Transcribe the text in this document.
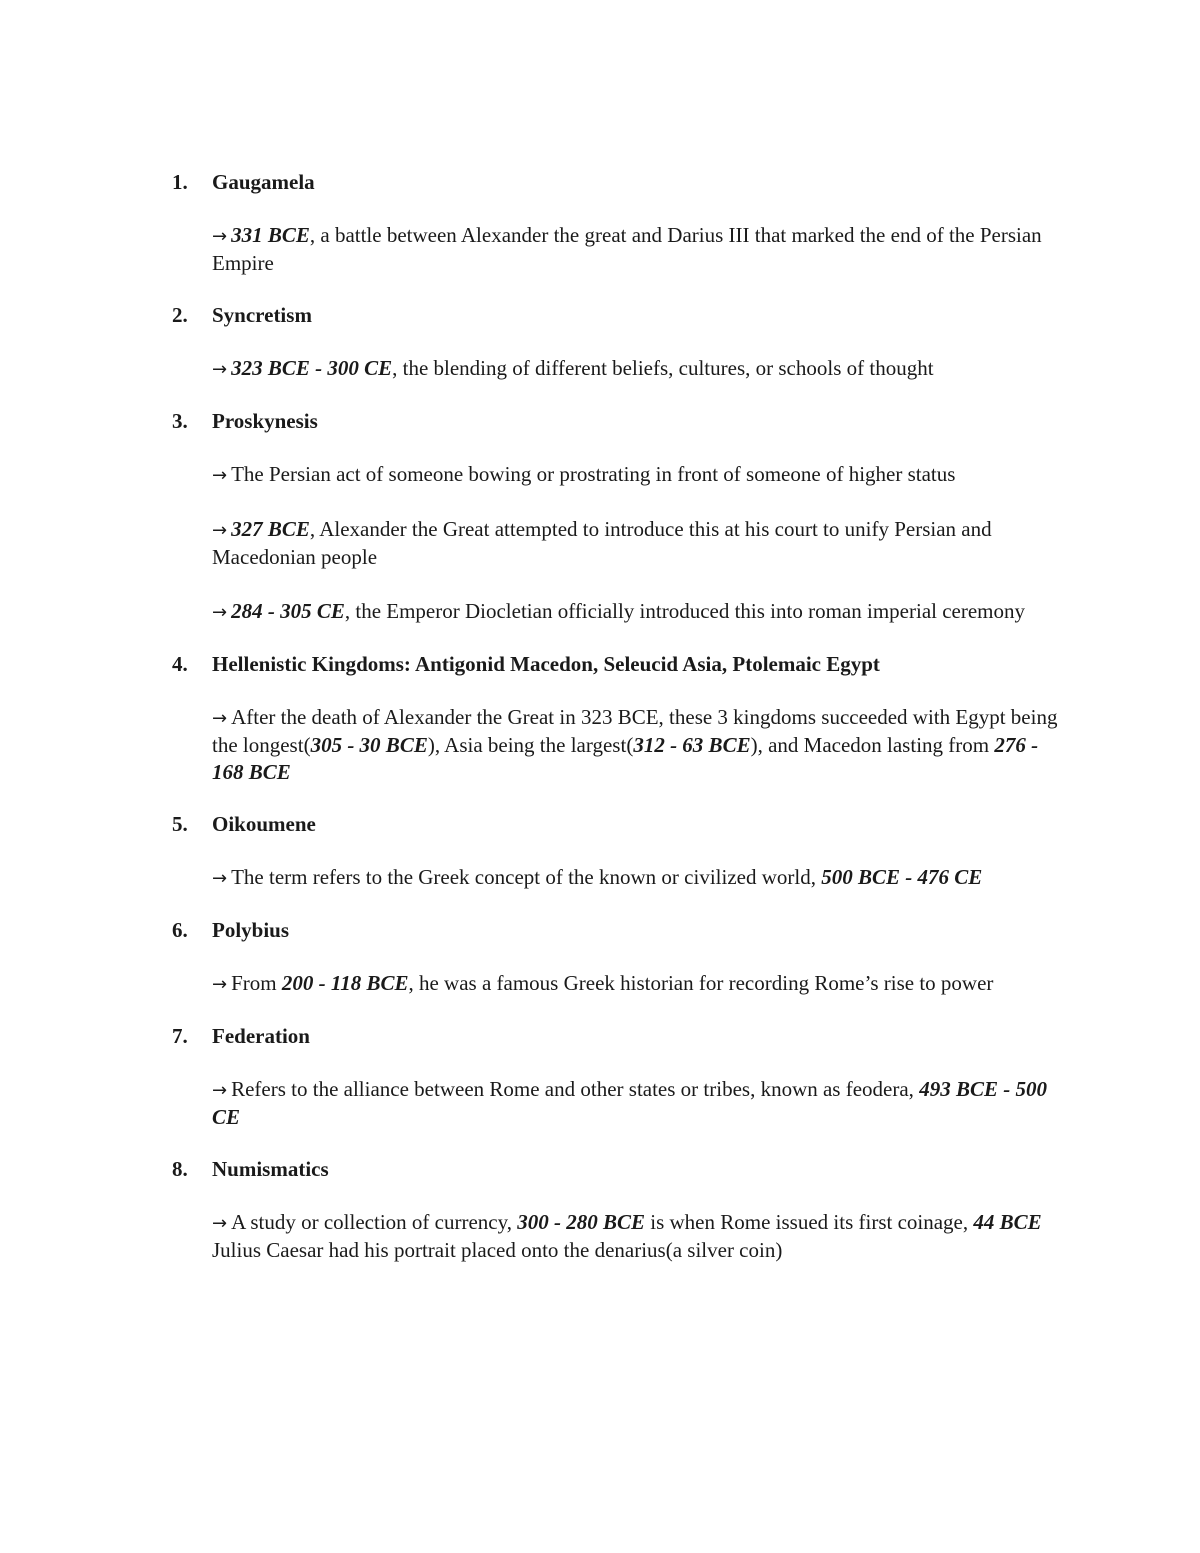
1.	Gaugamela

→ 331 BCE, a battle between Alexander the great and Darius III that marked the end of the Persian Empire

2.	Syncretism

→ 323 BCE - 300 CE, the blending of different beliefs, cultures, or schools of thought

3.	Proskynesis

→ The Persian act of someone bowing or prostrating in front of someone of higher status

→ 327 BCE, Alexander the Great attempted to introduce this at his court to unify Persian and Macedonian people

→ 284 - 305 CE, the Emperor Diocletian officially introduced this into roman imperial ceremony

4.	Hellenistic Kingdoms: Antigonid Macedon, Seleucid Asia, Ptolemaic Egypt

→ After the death of Alexander the Great in 323 BCE, these 3 kingdoms succeeded with Egypt being the longest(305 - 30 BCE), Asia being the largest(312 - 63 BCE), and Macedon lasting from 276 - 168 BCE

5.	Oikoumene

→ The term refers to the Greek concept of the known or civilized world, 500 BCE - 476 CE

6.	Polybius

→ From 200 - 118 BCE, he was a famous Greek historian for recording Rome’s rise to power

7.	Federation

→ Refers to the alliance between Rome and other states or tribes, known as feodera, 493 BCE - 500 CE

8.	Numismatics

→ A study or collection of currency, 300 - 280 BCE is when Rome issued its first coinage, 44 BCE Julius Caesar had his portrait placed onto the denarius(a silver coin)
